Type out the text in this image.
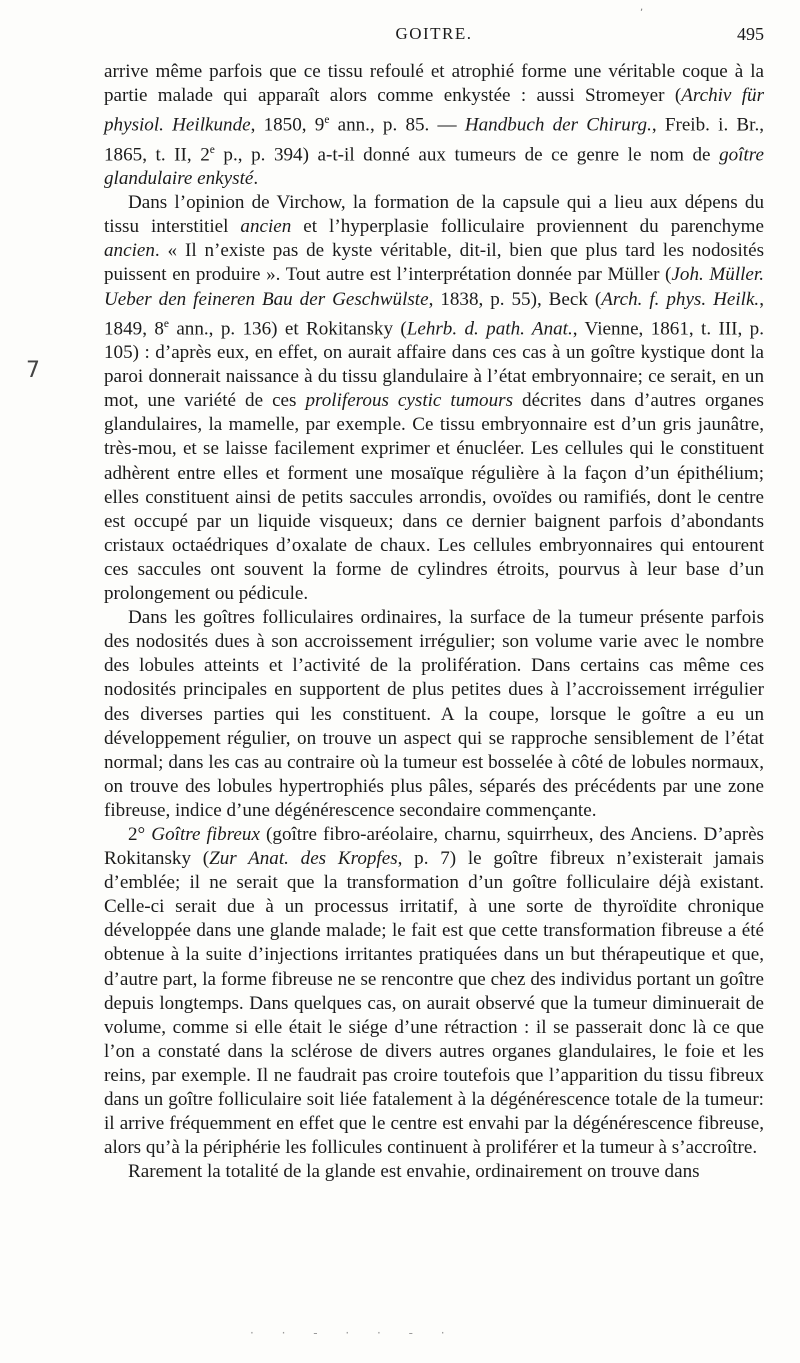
GOITRE.	495
,
7

arrive même parfois que ce tissu refoulé et atrophié forme une véritable coque à la partie malade qui apparaît alors comme enkystée : aussi Stromeyer (Archiv für physiol. Heilkunde, 1850, 9e ann., p. 85. — Handbuch der Chirurg., Freib. i. Br., 1865, t. II, 2e p., p. 394) a-t-il donné aux tumeurs de ce genre le nom de goître glandulaire enkysté.

Dans l’opinion de Virchow, la formation de la capsule qui a lieu aux dépens du tissu interstitiel ancien et l’hyperplasie folliculaire proviennent du parenchyme ancien. « Il n’existe pas de kyste véritable, dit-il, bien que plus tard les nodosités puissent en produire ». Tout autre est l’interprétation donnée par Müller (Joh. Müller. Ueber den feineren Bau der Geschwülste, 1838, p. 55), Beck (Arch. f. phys. Heilk., 1849, 8e ann., p. 136) et Rokitansky (Lehrb. d. path. Anat., Vienne, 1861, t. III, p. 105) : d’après eux, en effet, on aurait affaire dans ces cas à un goître kystique dont la paroi donnerait naissance à du tissu glandulaire à l’état embryonnaire; ce serait, en un mot, une variété de ces proliferous cystic tumours décrites dans d’autres organes glandulaires, la mamelle, par exemple. Ce tissu embryonnaire est d’un gris jaunâtre, très-mou, et se laisse facilement exprimer et énucléer. Les cellules qui le constituent adhèrent entre elles et forment une mosaïque régulière à la façon d’un épithélium; elles constituent ainsi de petits saccules arrondis, ovoïdes ou ramifiés, dont le centre est occupé par un liquide visqueux; dans ce dernier baignent parfois d’abondants cristaux octaédriques d’oxalate de chaux. Les cellules embryonnaires qui entourent ces saccules ont souvent la forme de cylindres étroits, pourvus à leur base d’un prolongement ou pédicule.

Dans les goîtres folliculaires ordinaires, la surface de la tumeur présente parfois des nodosités dues à son accroissement irrégulier; son volume varie avec le nombre des lobules atteints et l’activité de la prolifération. Dans certains cas même ces nodosités principales en supportent de plus petites dues à l’accroissement irrégulier des diverses parties qui les constituent. A la coupe, lorsque le goître a eu un développement régulier, on trouve un aspect qui se rapproche sensiblement de l’état normal; dans les cas au contraire où la tumeur est bosselée à côté de lobules normaux, on trouve des lobules hypertrophiés plus pâles, séparés des précédents par une zone fibreuse, indice d’une dégénérescence secondaire commençante.

2° Goître fibreux (goître fibro-aréolaire, charnu, squirrheux, des Anciens. D’après Rokitansky (Zur Anat. des Kropfes, p. 7) le goître fibreux n’existerait jamais d’emblée; il ne serait que la transformation d’un goître folliculaire déjà existant. Celle-ci serait due à un processus irritatif, à une sorte de thyroïdite chronique développée dans une glande malade; le fait est que cette transformation fibreuse a été obtenue à la suite d’injections irritantes pratiquées dans un but thérapeutique et que, d’autre part, la forme fibreuse ne se rencontre que chez des individus portant un goître depuis longtemps. Dans quelques cas, on aurait observé que la tumeur diminuerait de volume, comme si elle était le siége d’une rétraction : il se passerait donc là ce que l’on a constaté dans la sclérose de divers autres organes glandulaires, le foie et les reins, par exemple. Il ne faudrait pas croire toutefois que l’apparition du tissu fibreux dans un goître folliculaire soit liée fatalement à la dégénérescence totale de la tumeur: il arrive fréquemment en effet que le centre est envahi par la dégénérescence fibreuse, alors qu’à la périphérie les follicules continuent à proliférer et la tumeur à s’accroître.

Rarement la totalité de la glande est envahie, ordinairement on trouve dans

· · - · · - ·
